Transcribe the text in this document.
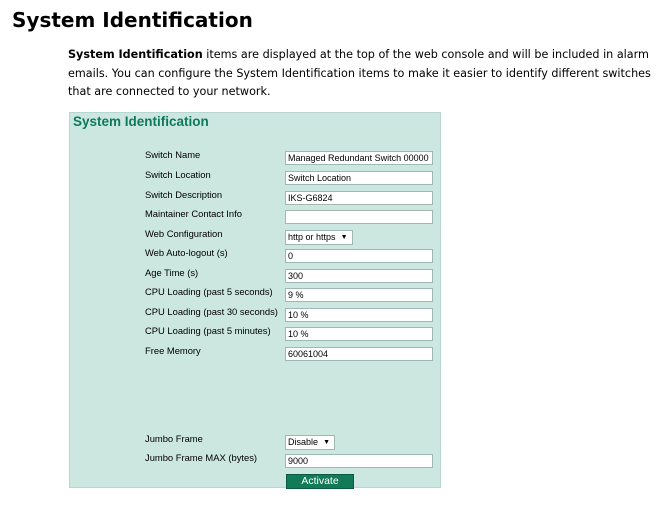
System Identification

System Identification items are displayed at the top of the web console and will be included in alarm emails. You can configure the System Identification items to make it easier to identify different switches that are connected to your network.

System Identification
Switch Name	Managed Redundant Switch 00000
Switch Location	Switch Location
Switch Description	IKS-G6824
Maintainer Contact Info
Web Configuration	http or https ▼
Web Auto-logout (s)	0
Age Time (s)	300
CPU Loading (past 5 seconds)	9 %
CPU Loading (past 30 seconds)	10 %
CPU Loading (past 5 minutes)	10 %
Free Memory	60061004
Jumbo Frame	Disable ▼
Jumbo Frame MAX (bytes)	9000
Activate
